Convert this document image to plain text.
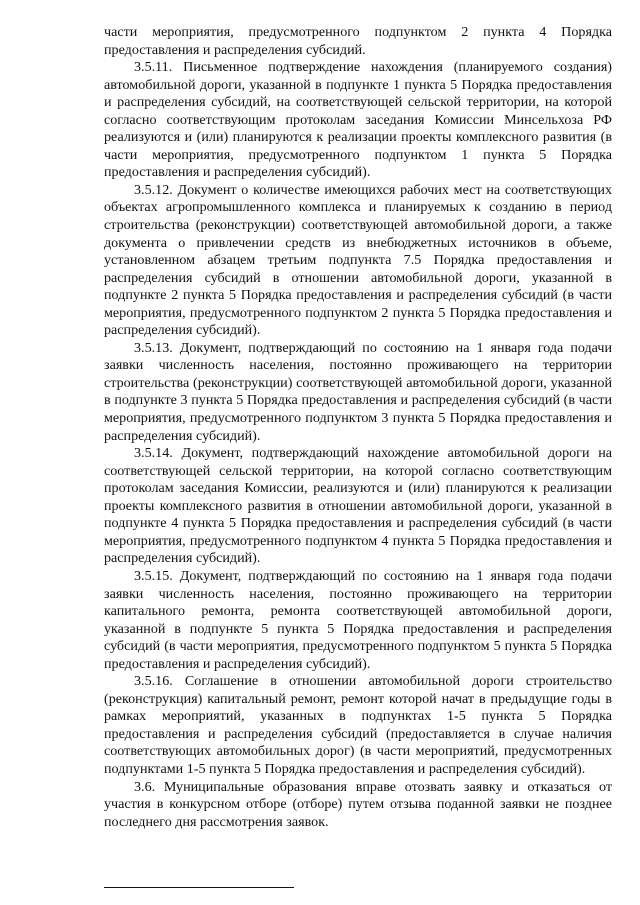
части мероприятия, предусмотренного подпунктом 2 пункта 4 Порядка предоставления и распределения субсидий.

3.5.11. Письменное подтверждение нахождения (планируемого создания) автомобильной дороги, указанной в подпункте 1 пункта 5 Порядка предоставления и распределения субсидий, на соответствующей сельской территории, на которой согласно соответствующим протоколам заседания Комиссии Минсельхоза РФ реализуются и (или) планируются к реализации проекты комплексного развития (в части мероприятия, предусмотренного подпунктом 1 пункта 5 Порядка предоставления и распределения субсидий).

3.5.12. Документ о количестве имеющихся рабочих мест на соответствующих объектах агропромышленного комплекса и планируемых к созданию в период строительства (реконструкции) соответствующей автомобильной дороги, а также документа о привлечении средств из внебюджетных источников в объеме, установленном абзацем третьим подпункта 7.5 Порядка предоставления и распределения субсидий в отношении автомобильной дороги, указанной в подпункте 2 пункта 5 Порядка предоставления и распределения субсидий (в части мероприятия, предусмотренного подпунктом 2 пункта 5 Порядка предоставления и распределения субсидий).

3.5.13. Документ, подтверждающий по состоянию на 1 января года подачи заявки численность населения, постоянно проживающего на территории строительства (реконструкции) соответствующей автомобильной дороги, указанной в подпункте 3 пункта 5 Порядка предоставления и распределения субсидий (в части мероприятия, предусмотренного подпунктом 3 пункта 5 Порядка предоставления и распределения субсидий).

3.5.14. Документ, подтверждающий нахождение автомобильной дороги на соответствующей сельской территории, на которой согласно соответствующим протоколам заседания Комиссии, реализуются и (или) планируются к реализации проекты комплексного развития в отношении автомобильной дороги, указанной в подпункте 4 пункта 5 Порядка предоставления и распределения субсидий (в части мероприятия, предусмотренного подпунктом 4 пункта 5 Порядка предоставления и распределения субсидий).

3.5.15. Документ, подтверждающий по состоянию на 1 января года подачи заявки численность населения, постоянно проживающего на территории капитального ремонта, ремонта соответствующей автомобильной дороги, указанной в подпункте 5 пункта 5 Порядка предоставления и распределения субсидий (в части мероприятия, предусмотренного подпунктом 5 пункта 5 Порядка предоставления и распределения субсидий).

3.5.16. Соглашение в отношении автомобильной дороги строительство (реконструкция) капитальный ремонт, ремонт которой начат в предыдущие годы в рамках мероприятий, указанных в подпунктах 1-5 пункта 5 Порядка предоставления и распределения субсидий (предоставляется в случае наличия соответствующих автомобильных дорог) (в части мероприятий, предусмотренных подпунктами 1-5 пункта 5 Порядка предоставления и распределения субсидий).

3.6. Муниципальные образования вправе отозвать заявку и отказаться от участия в конкурсном отборе (отборе) путем отзыва поданной заявки не позднее последнего дня рассмотрения заявок.
